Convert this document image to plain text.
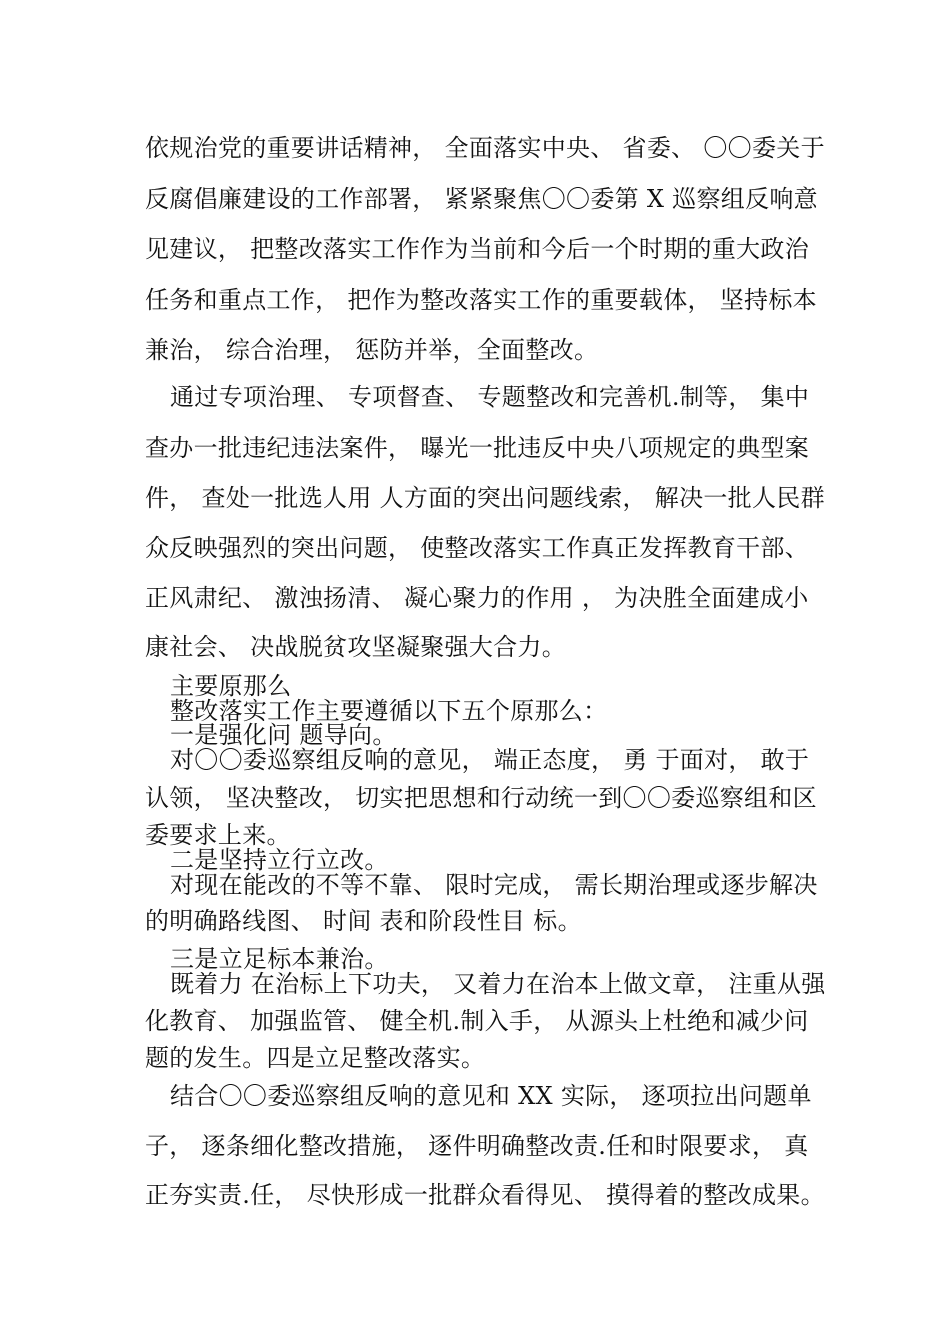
依规治党的重要讲话精神， 全面落实中央、 省委、 〇〇委关于
反腐倡廉建设的工作部署， 紧紧聚焦〇〇委第 X 巡察组反响意
见建议， 把整改落实工作作为当前和今后一个时期的重大政治
任务和重点工作， 把作为整改落实工作的重要载体， 坚持标本
兼治， 综合治理， 惩防并举，全面整改。
通过专项治理、 专项督查、 专题整改和完善机.制等， 集中
查办一批违纪违法案件， 曝光一批违反中央八项规定的典型案
件， 查处一批选人用 人方面的突出问题线索， 解决一批人民群
众反映强烈的突出问题， 使整改落实工作真正发挥教育干部、
正风肃纪、 激浊扬清、 凝心聚力的作用 ， 为决胜全面建成小
康社会、 决战脱贫攻坚凝聚强大合力。
主要原那么
整改落实工作主要遵循以下五个原那么：
一是强化问 题导向。
对〇〇委巡察组反响的意见， 端正态度， 勇 于面对， 敢于
认领， 坚决整改， 切实把思想和行动统一到〇〇委巡察组和区
委要求上来。
二是坚持立行立改。
对现在能改的不等不靠、 限时完成， 需长期治理或逐步解决
的明确路线图、 时间 表和阶段性目 标。
三是立足标本兼治。
既着力 在治标上下功夫， 又着力在治本上做文章， 注重从强
化教育、 加强监管、 健全机.制入手， 从源头上杜绝和减少问
题的发生。四是立足整改落实。
结合〇〇委巡察组反响的意见和 XX 实际， 逐项拉出问题单
子， 逐条细化整改措施， 逐件明确整改责.任和时限要求， 真
正夯实责.任， 尽快形成一批群众看得见、 摸得着的整改成果。
